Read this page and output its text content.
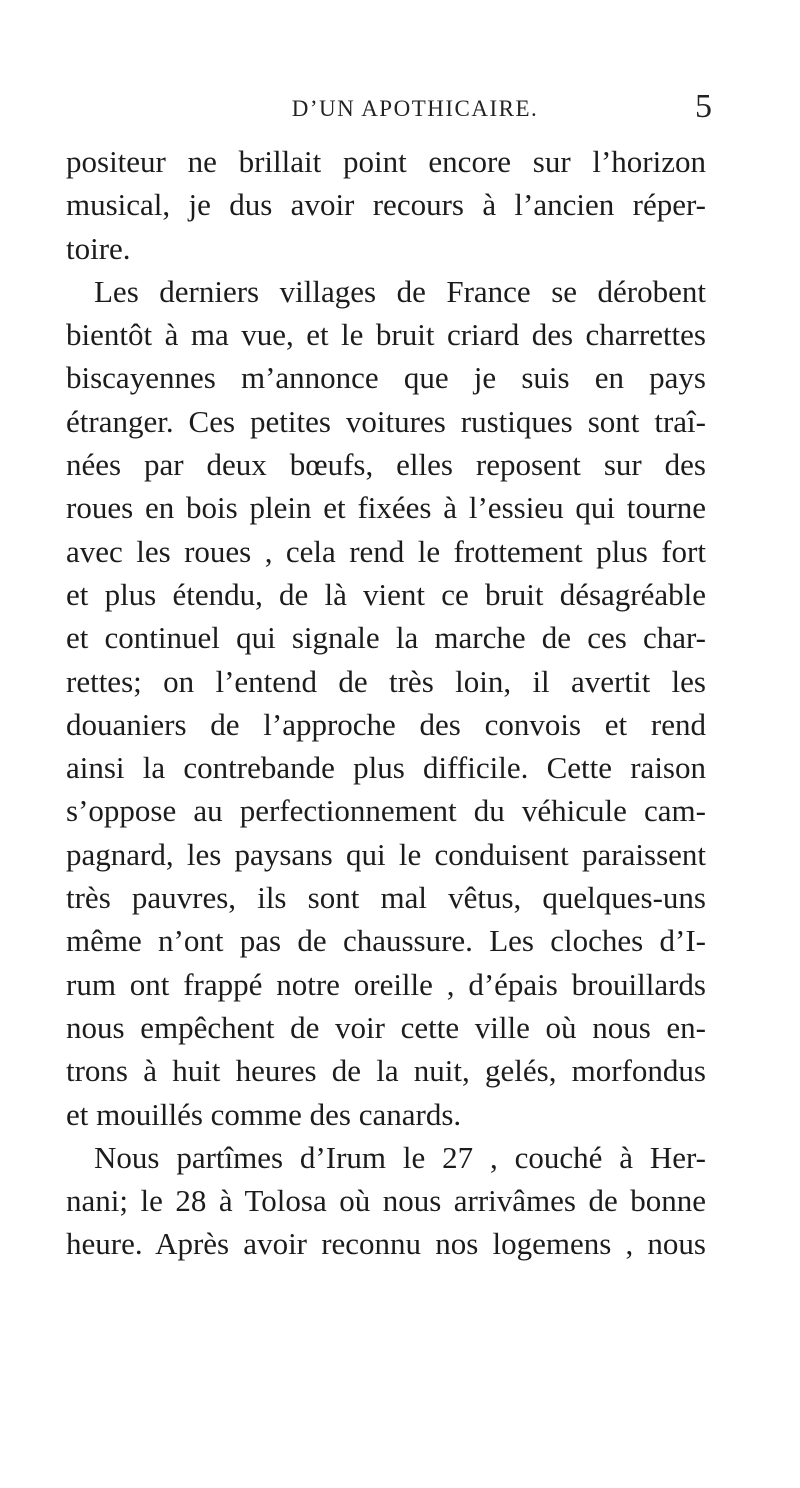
D’UN APOTHICAIRE.	5
positeur ne brillait point encore sur l’horizon
musical, je dus avoir recours à l’ancien réper-
toire.
Les derniers villages de France se dérobent
bientôt à ma vue, et le bruit criard des charrettes
biscayennes m’annonce que je suis en pays
étranger. Ces petites voitures rustiques sont traî-
nées par deux bœufs, elles reposent sur des
roues en bois plein et fixées à l’essieu qui tourne
avec les roues , cela rend le frottement plus fort
et plus étendu, de là vient ce bruit désagréable
et continuel qui signale la marche de ces char-
rettes; on l’entend de très loin, il avertit les
douaniers de l’approche des convois et rend
ainsi la contrebande plus difficile. Cette raison
s’oppose au perfectionnement du véhicule cam-
pagnard, les paysans qui le conduisent paraissent
très pauvres, ils sont mal vêtus, quelques-uns
même n’ont pas de chaussure. Les cloches d’I-
rum ont frappé notre oreille , d’épais brouillards
nous empêchent de voir cette ville où nous en-
trons à huit heures de la nuit, gelés, morfondus
et mouillés comme des canards.
Nous partîmes d’Irum le 27 , couché à Her-
nani; le 28 à Tolosa où nous arrivâmes de bonne
heure. Après avoir reconnu nos logemens , nous
